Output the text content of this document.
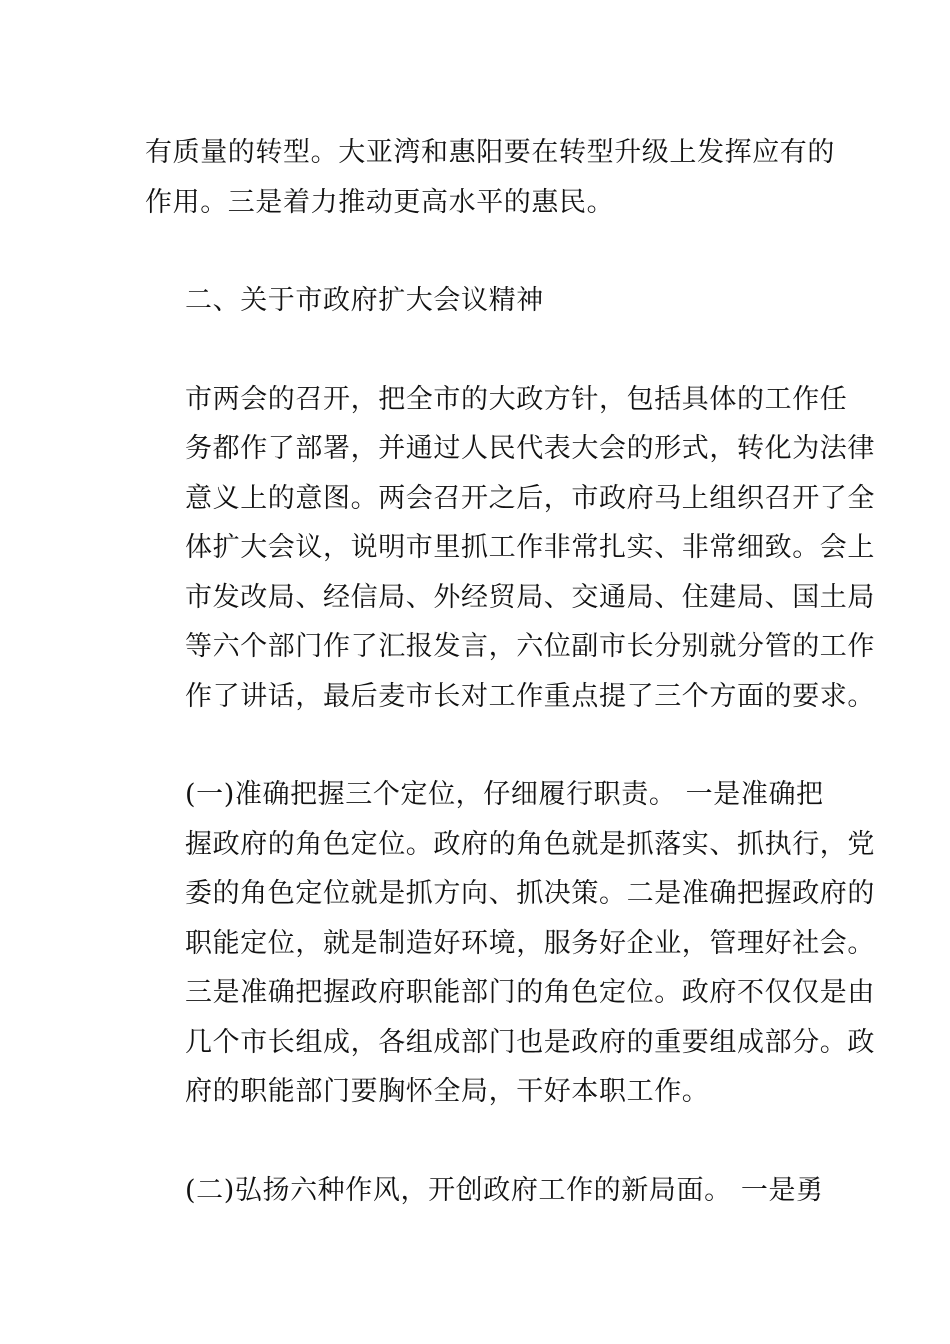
有质量的转型。大亚湾和惠阳要在转型升级上发挥应有的
作用。三是着力推动更高水平的惠民。

二、关于市政府扩大会议精神

市两会的召开，把全市的大政方针，包括具体的工作任
务都作了部署，并通过人民代表大会的形式，转化为法律
意义上的意图。两会召开之后，市政府马上组织召开了全
体扩大会议，说明市里抓工作非常扎实、非常细致。会上
市发改局、经信局、外经贸局、交通局、住建局、国土局
等六个部门作了汇报发言，六位副市长分别就分管的工作
作了讲话，最后麦市长对工作重点提了三个方面的要求。

(一)准确把握三个定位，仔细履行职责。 一是准确把
握政府的角色定位。政府的角色就是抓落实、抓执行，党
委的角色定位就是抓方向、抓决策。二是准确把握政府的
职能定位，就是制造好环境，服务好企业，管理好社会。
三是准确把握政府职能部门的角色定位。政府不仅仅是由
几个市长组成，各组成部门也是政府的重要组成部分。政
府的职能部门要胸怀全局，干好本职工作。

(二)弘扬六种作风，开创政府工作的新局面。 一是勇
